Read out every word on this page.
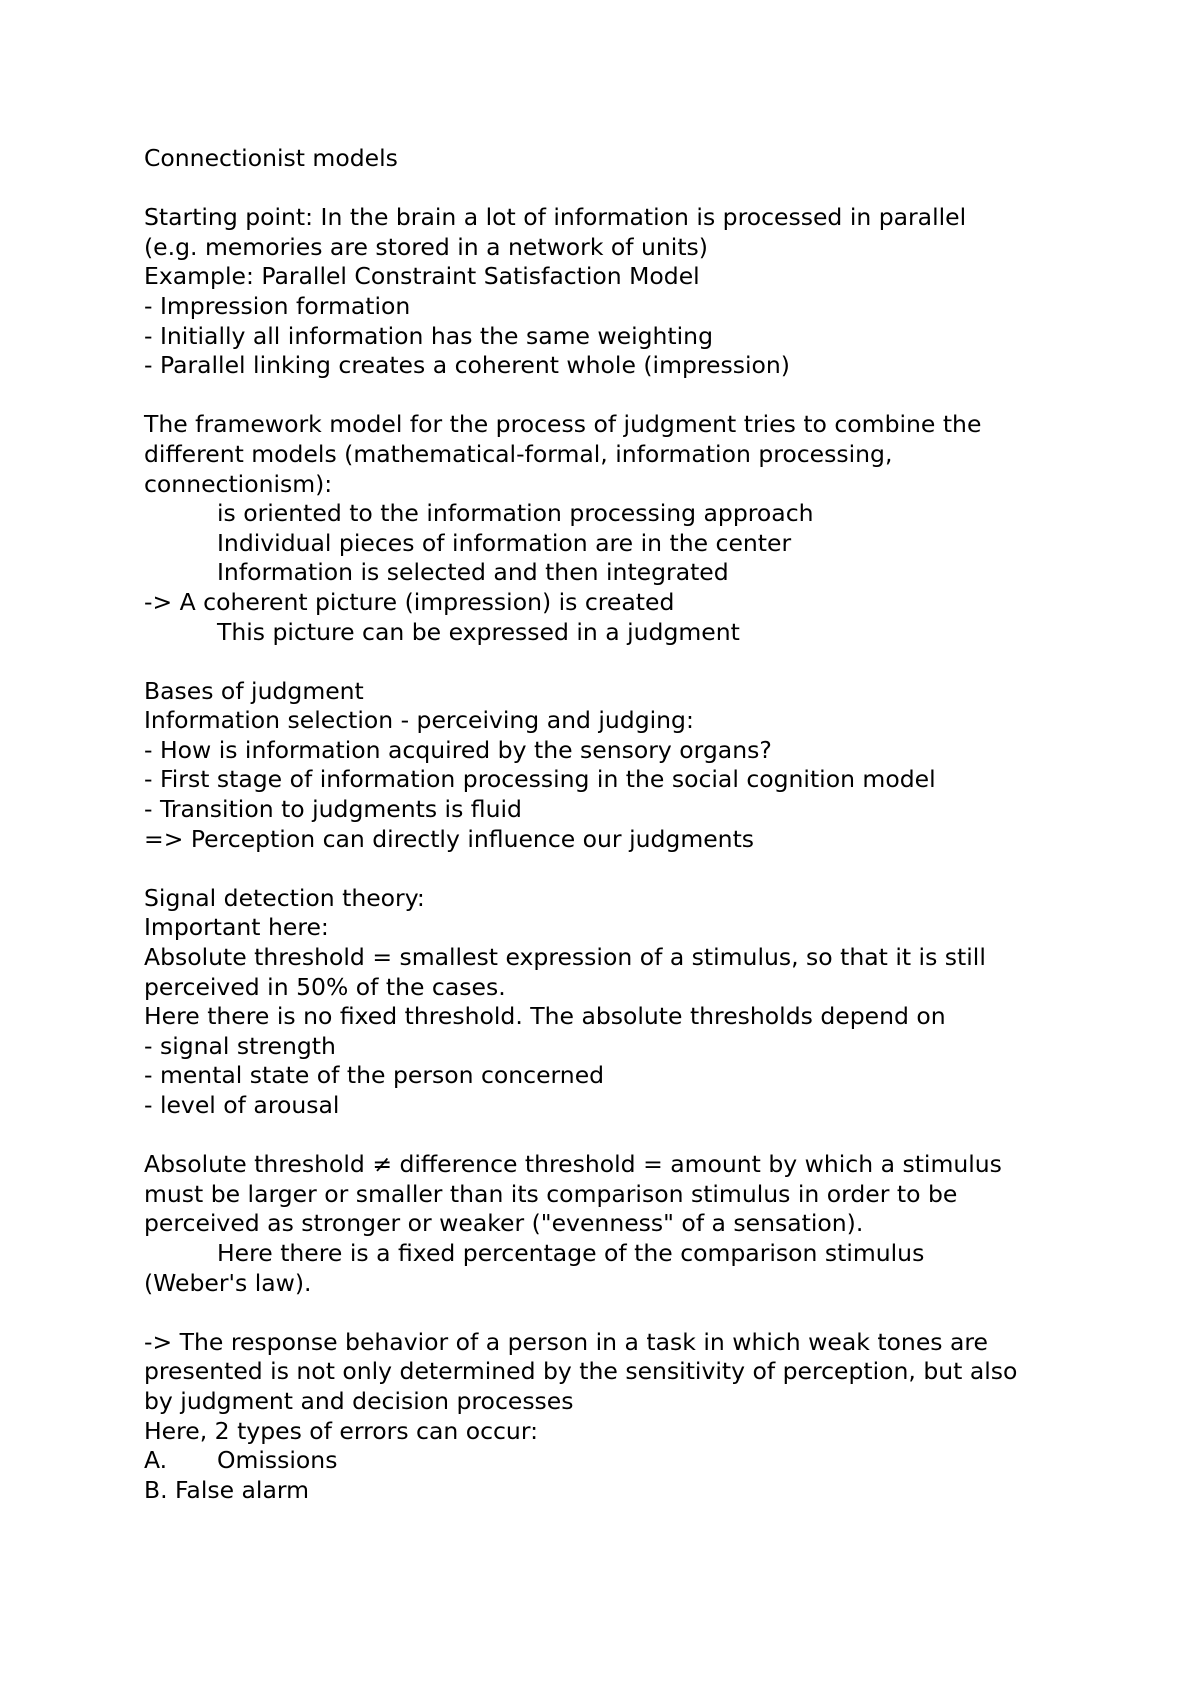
Connectionist models
Starting point: In the brain a lot of information is processed in parallel
(e.g. memories are stored in a network of units)
Example: Parallel Constraint Satisfaction Model
- Impression formation
- Initially all information has the same weighting
- Parallel linking creates a coherent whole (impression)
The framework model for the process of judgment tries to combine the
different models (mathematical-formal, information processing,
connectionism):
is oriented to the information processing approach
Individual pieces of information are in the center
Information is selected and then integrated
-> A coherent picture (impression) is created
This picture can be expressed in a judgment
Bases of judgment
Information selection - perceiving and judging:
- How is information acquired by the sensory organs?
- First stage of information processing in the social cognition model
- Transition to judgments is fluid
=> Perception can directly influence our judgments
Signal detection theory:
Important here:
Absolute threshold = smallest expression of a stimulus, so that it is still
perceived in 50% of the cases.
Here there is no fixed threshold. The absolute thresholds depend on
- signal strength
- mental state of the person concerned
- level of arousal
Absolute threshold ≠ difference threshold = amount by which a stimulus
must be larger or smaller than its comparison stimulus in order to be
perceived as stronger or weaker ("evenness" of a sensation).
Here there is a fixed percentage of the comparison stimulus
(Weber's law).
-> The response behavior of a person in a task in which weak tones are
presented is not only determined by the sensitivity of perception, but also
by judgment and decision processes
Here, 2 types of errors can occur:
A. Omissions
B. False alarm
